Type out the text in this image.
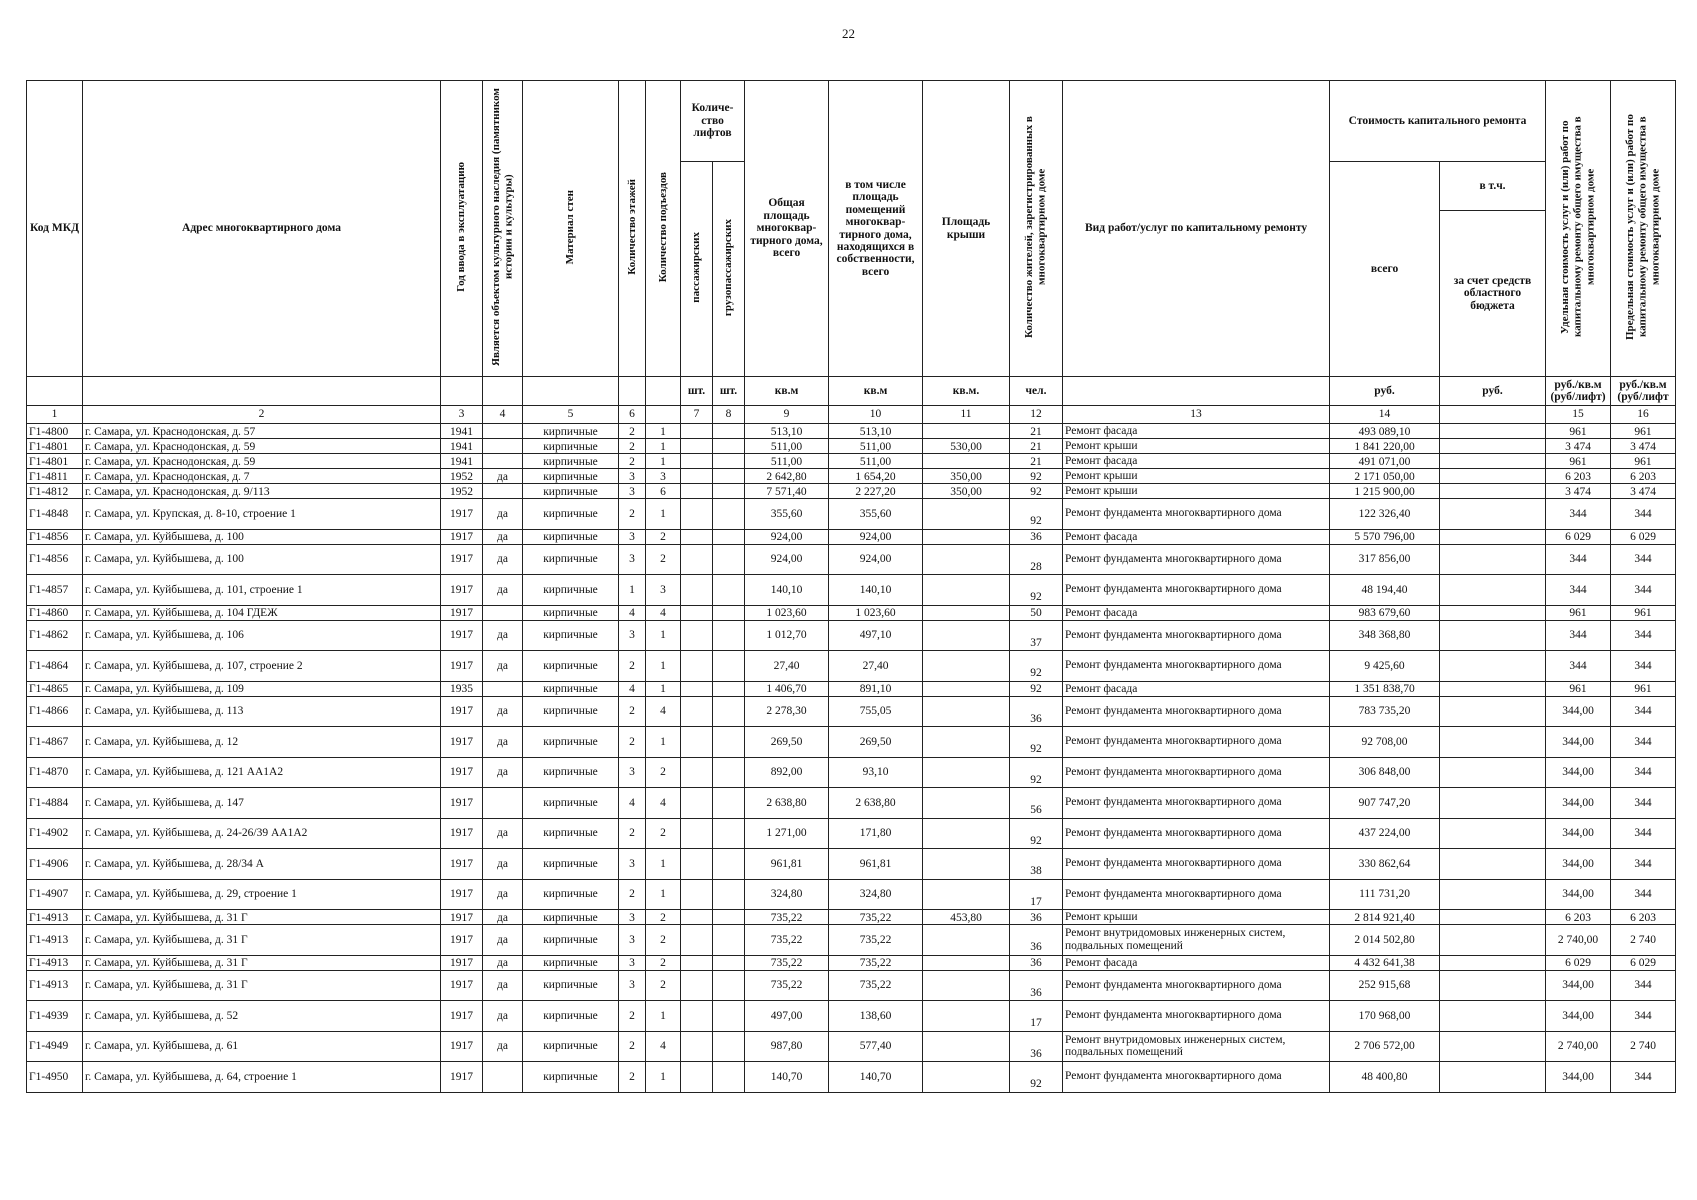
22
Код МКД	Адрес многоквартирного дома	Год ввода в эксплуатацию	Является объектом культурного наследия (памятником истории и культуры)	Материал стен	Количество этажей	Количество подъездов	Количе-ство лифтов		Общая площадь многоквар-тирного дома, всего	в том числе площадь помещений многоквар-тирного дома, находящихся в собственности, всего	Площадь крыши	Количество жителей, зарегистрированных в многоквартирном доме	Вид работ/услуг по капитальному ремонту	Стоимость капитального ремонта		Удельная стоимость услуг и (или) работ по капитальному ремонту общего имущества в многоквартирном доме	Предельная стоимость услуг и (или) работ по капитальному ремонту общего имущества в многоквартирном доме
							пассажирских	грузопассажирских						всего	в т.ч.		
															за счет средств областного бюджета		
							шт.	шт.	кв.м	кв.м	кв.м.	чел.		руб.	руб.	руб./кв.м (руб/лифт)	руб./кв.м (руб/лифт
1	2	3	4	5	6		7	8	9	10	11	12	13	14		15	16
Г1-4800	г. Самара, ул. Краснодонская, д. 57	1941		кирпичные	2	1			513,10	513,10		21	Ремонт фасада	493 089,10		961	961
Г1-4801	г. Самара, ул. Краснодонская, д. 59	1941		кирпичные	2	1			511,00	511,00	530,00	21	Ремонт крыши	1 841 220,00		3 474	3 474
Г1-4801	г. Самара, ул. Краснодонская, д. 59	1941		кирпичные	2	1			511,00	511,00		21	Ремонт фасада	491 071,00		961	961
Г1-4811	г. Самара, ул. Краснодонская, д. 7	1952	да	кирпичные	3	3			2 642,80	1 654,20	350,00	92	Ремонт крыши	2 171 050,00		6 203	6 203
Г1-4812	г. Самара, ул. Краснодонская, д. 9/113	1952		кирпичные	3	6			7 571,40	2 227,20	350,00	92	Ремонт крыши	1 215 900,00		3 474	3 474
Г1-4848	г. Самара, ул. Крупская, д. 8-10, строение 1	1917	да	кирпичные	2	1			355,60	355,60		92	Ремонт фундамента многоквартирного дома	122 326,40		344	344
Г1-4856	г. Самара, ул. Куйбышева, д. 100	1917	да	кирпичные	3	2			924,00	924,00		36	Ремонт фасада	5 570 796,00		6 029	6 029
Г1-4856	г. Самара, ул. Куйбышева, д. 100	1917	да	кирпичные	3	2			924,00	924,00		28	Ремонт фундамента многоквартирного дома	317 856,00		344	344
Г1-4857	г. Самара, ул. Куйбышева, д. 101, строение 1	1917	да	кирпичные	1	3			140,10	140,10		92	Ремонт фундамента многоквартирного дома	48 194,40		344	344
Г1-4860	г. Самара, ул. Куйбышева, д. 104 ГДЕЖ	1917		кирпичные	4	4			1 023,60	1 023,60		50	Ремонт фасада	983 679,60		961	961
Г1-4862	г. Самара, ул. Куйбышева, д. 106	1917	да	кирпичные	3	1			1 012,70	497,10		37	Ремонт фундамента многоквартирного дома	348 368,80		344	344
Г1-4864	г. Самара, ул. Куйбышева, д. 107, строение 2	1917	да	кирпичные	2	1			27,40	27,40		92	Ремонт фундамента многоквартирного дома	9 425,60		344	344
Г1-4865	г. Самара, ул. Куйбышева, д. 109	1935		кирпичные	4	1			1 406,70	891,10		92	Ремонт фасада	1 351 838,70		961	961
Г1-4866	г. Самара, ул. Куйбышева, д. 113	1917	да	кирпичные	2	4			2 278,30	755,05		36	Ремонт фундамента многоквартирного дома	783 735,20		344,00	344
Г1-4867	г. Самара, ул. Куйбышева, д. 12	1917	да	кирпичные	2	1			269,50	269,50		92	Ремонт фундамента многоквартирного дома	92 708,00		344,00	344
Г1-4870	г. Самара, ул. Куйбышева, д. 121 АА1А2	1917	да	кирпичные	3	2			892,00	93,10		92	Ремонт фундамента многоквартирного дома	306 848,00		344,00	344
Г1-4884	г. Самара, ул. Куйбышева, д. 147	1917		кирпичные	4	4			2 638,80	2 638,80		56	Ремонт фундамента многоквартирного дома	907 747,20		344,00	344
Г1-4902	г. Самара, ул. Куйбышева, д. 24-26/39 АА1А2	1917	да	кирпичные	2	2			1 271,00	171,80		92	Ремонт фундамента многоквартирного дома	437 224,00		344,00	344
Г1-4906	г. Самара, ул. Куйбышева, д. 28/34 А	1917	да	кирпичные	3	1			961,81	961,81		38	Ремонт фундамента многоквартирного дома	330 862,64		344,00	344
Г1-4907	г. Самара, ул. Куйбышева, д. 29, строение 1	1917	да	кирпичные	2	1			324,80	324,80		17	Ремонт фундамента многоквартирного дома	111 731,20		344,00	344
Г1-4913	г. Самара, ул. Куйбышева, д. 31 Г	1917	да	кирпичные	3	2			735,22	735,22	453,80	36	Ремонт крыши	2 814 921,40		6 203	6 203
Г1-4913	г. Самара, ул. Куйбышева, д. 31 Г	1917	да	кирпичные	3	2			735,22	735,22		36	Ремонт внутридомовых инженерных систем, подвальных помещений	2 014 502,80		2 740,00	2 740
Г1-4913	г. Самара, ул. Куйбышева, д. 31 Г	1917	да	кирпичные	3	2			735,22	735,22		36	Ремонт фасада	4 432 641,38		6 029	6 029
Г1-4913	г. Самара, ул. Куйбышева, д. 31 Г	1917	да	кирпичные	3	2			735,22	735,22		36	Ремонт фундамента многоквартирного дома	252 915,68		344,00	344
Г1-4939	г. Самара, ул. Куйбышева, д. 52	1917	да	кирпичные	2	1			497,00	138,60		17	Ремонт фундамента многоквартирного дома	170 968,00		344,00	344
Г1-4949	г. Самара, ул. Куйбышева, д. 61	1917	да	кирпичные	2	4			987,80	577,40		36	Ремонт внутридомовых инженерных систем, подвальных помещений	2 706 572,00		2 740,00	2 740
Г1-4950	г. Самара, ул. Куйбышева, д. 64, строение 1	1917		кирпичные	2	1			140,70	140,70		92	Ремонт фундамента многоквартирного дома	48 400,80		344,00	344
